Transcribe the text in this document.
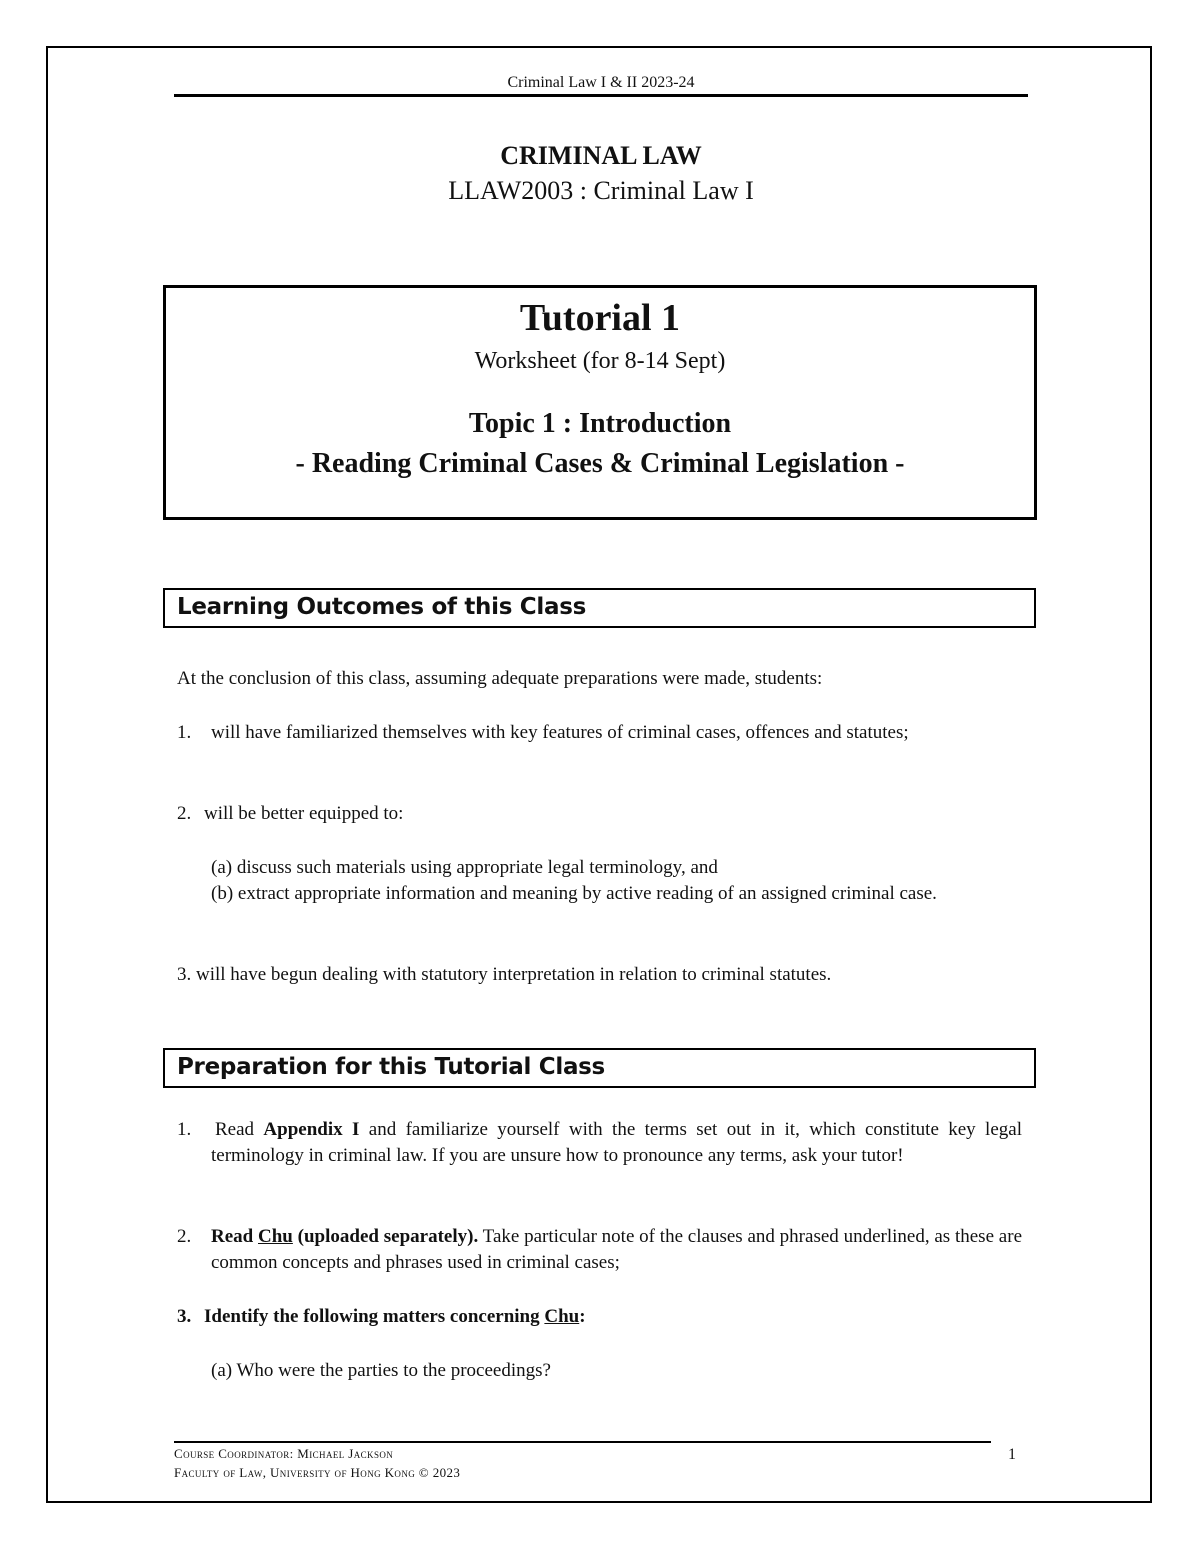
Criminal Law I & II 2023-24
CRIMINAL LAW
LLAW2003 : Criminal Law I
Tutorial 1
Worksheet (for 8-14 Sept)
Topic 1 : Introduction
- Reading Criminal Cases & Criminal Legislation -
Learning Outcomes of this Class
At the conclusion of this class, assuming adequate preparations were made, students:
1. will have familiarized themselves with key features of criminal cases, offences and statutes;
2. will be better equipped to:
(a) discuss such materials using appropriate legal terminology, and
(b) extract appropriate information and meaning by active reading of an assigned criminal case.
3. will have begun dealing with statutory interpretation in relation to criminal statutes.
Preparation for this Tutorial Class
1. Read Appendix I and familiarize yourself with the terms set out in it, which constitute key legal terminology in criminal law. If you are unsure how to pronounce any terms, ask your tutor!
2. Read Chu (uploaded separately). Take particular note of the clauses and phrased underlined, as these are common concepts and phrases used in criminal cases;
3. Identify the following matters concerning Chu:
(a) Who were the parties to the proceedings?
Course Coordinator: Michael Jackson
Faculty of Law, University of Hong Kong © 2023
1
